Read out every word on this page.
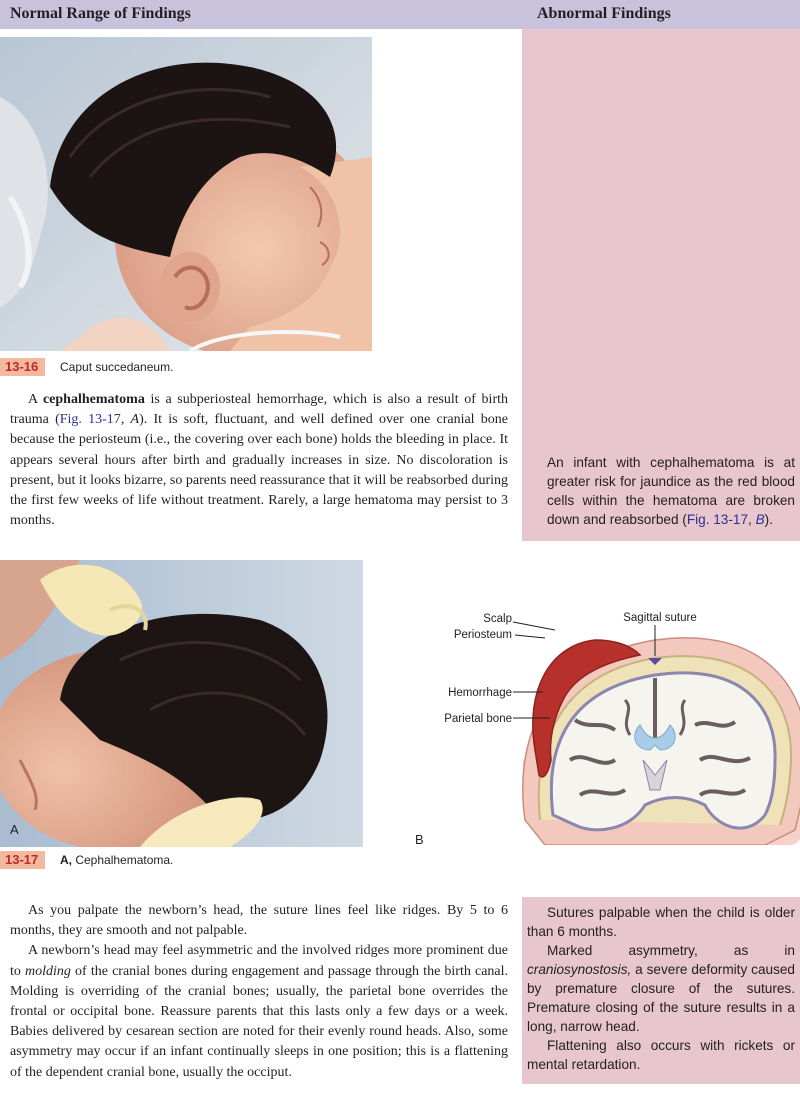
Normal Range of Findings	Abnormal Findings

An infant with cephalhematoma is at greater risk for jaundice as the red blood cells within the hematoma are broken down and reabsorbed (Fig. 13-17, B).

13-16	Caput succedaneum.

A cephalhematoma is a subperiosteal hemorrhage, which is also a result of birth trauma (Fig. 13-17, A). It is soft, fluctuant, and well defined over one cranial bone because the periosteum (i.e., the covering over each bone) holds the bleeding in place. It appears several hours after birth and gradually increases in size. No discoloration is present, but it looks bizarre, so parents need reassurance that it will be reabsorbed during the first few weeks of life without treatment. Rarely, a large hematoma may persist to 3 months.

A
B
Scalp
Periosteum
Hemorrhage
Parietal bone
Sagittal suture
13-17	A, Cephalhematoma.

As you palpate the newborn’s head, the suture lines feel like ridges. By 5 to 6 months, they are smooth and not palpable.

A newborn’s head may feel asymmetric and the involved ridges more prominent due to molding of the cranial bones during engagement and passage through the birth canal. Molding is overriding of the cranial bones; usually, the parietal bone overrides the frontal or occipital bone. Reassure parents that this lasts only a few days or a week. Babies delivered by cesarean section are noted for their evenly round heads. Also, some asymmetry may occur if an infant continually sleeps in one position; this is a flattening of the dependent cranial bone, usually the occiput.

Sutures palpable when the child is older than 6 months.

Marked asymmetry, as in craniosynostosis, a severe deformity caused by premature closure of the sutures. Premature closing of the suture results in a long, narrow head.

Flattening also occurs with rickets or mental retardation.
